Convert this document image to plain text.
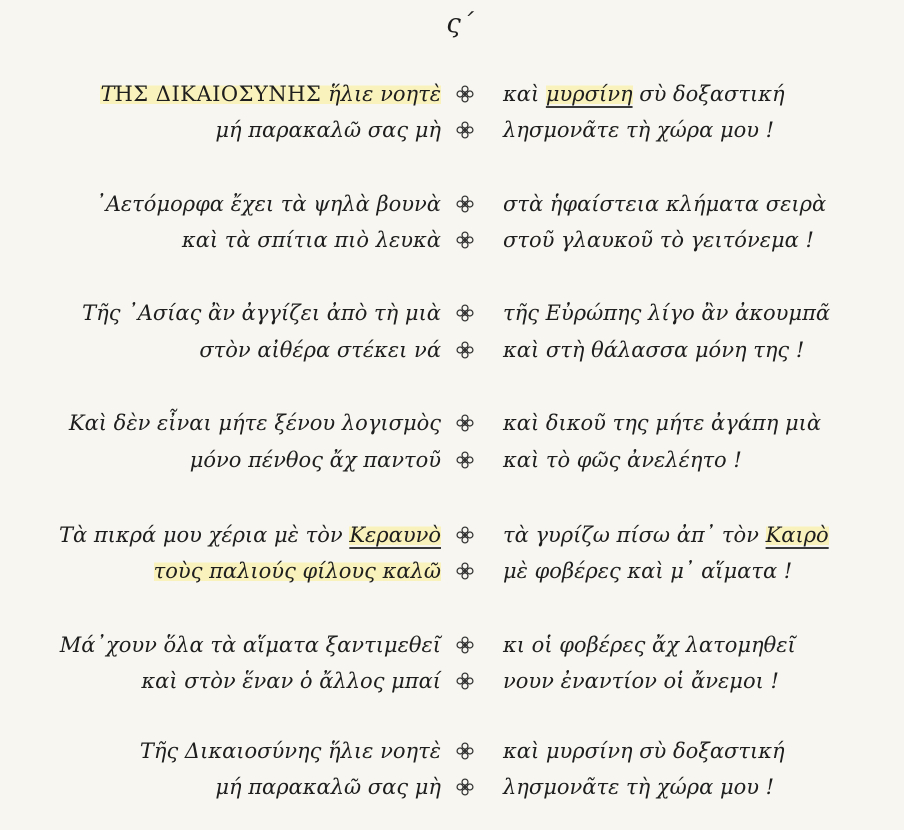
ς´
ΤΗΣ ΔΙΚΑΙΟΣΥΝΗΣ ἥλιε νοητὲ	καὶ μυρσίνη σὺ δοξαστική
μή παρακαλῶ σας μὴ	λησμονᾶτε τὴ χώρα μου !
᾿Αετόμορφα ἔχει τὰ ψηλὰ βουνὰ	στὰ ἡφαίστεια κλήματα σειρὰ
καὶ τὰ σπίτια πιὸ λευκὰ	στοῦ γλαυκοῦ τὸ γειτόνεμα !
Τῆς ᾿Ασίας ἂν ἀγγίζει ἀπὸ τὴ μιὰ	τῆς Εὐρώπης λίγο ἂν ἀκουμπᾶ
στὸν αἰθέρα στέκει νά	καὶ στὴ θάλασσα μόνη της !
Καὶ δὲν εἶναι μήτε ξένου λογισμὸς	καὶ δικοῦ της μήτε ἀγάπη μιὰ
μόνο πένθος ἄχ παντοῦ	καὶ τὸ φῶς ἀνελέητο !
Τὰ πικρά μου χέρια μὲ τὸν Κεραυνὸ	τὰ γυρίζω πίσω ἀπ᾿ τὸν Καιρὸ
τοὺς παλιούς φίλους καλῶ	μὲ φοβέρες καὶ μ᾿ αἵματα !
Μά᾿χουν ὅλα τὰ αἵματα ξαντιμεθεῖ	κι οἱ φοβέρες ἄχ λατομηθεῖ
καὶ στὸν ἕναν ὁ ἄλλος μπαί	νουν ἐναντίον οἱ ἄνεμοι !
Τῆς Δικαιοσύνης ἥλιε νοητὲ	καὶ μυρσίνη σὺ δοξαστική
μή παρακαλῶ σας μὴ	λησμονᾶτε τὴ χώρα μου !
